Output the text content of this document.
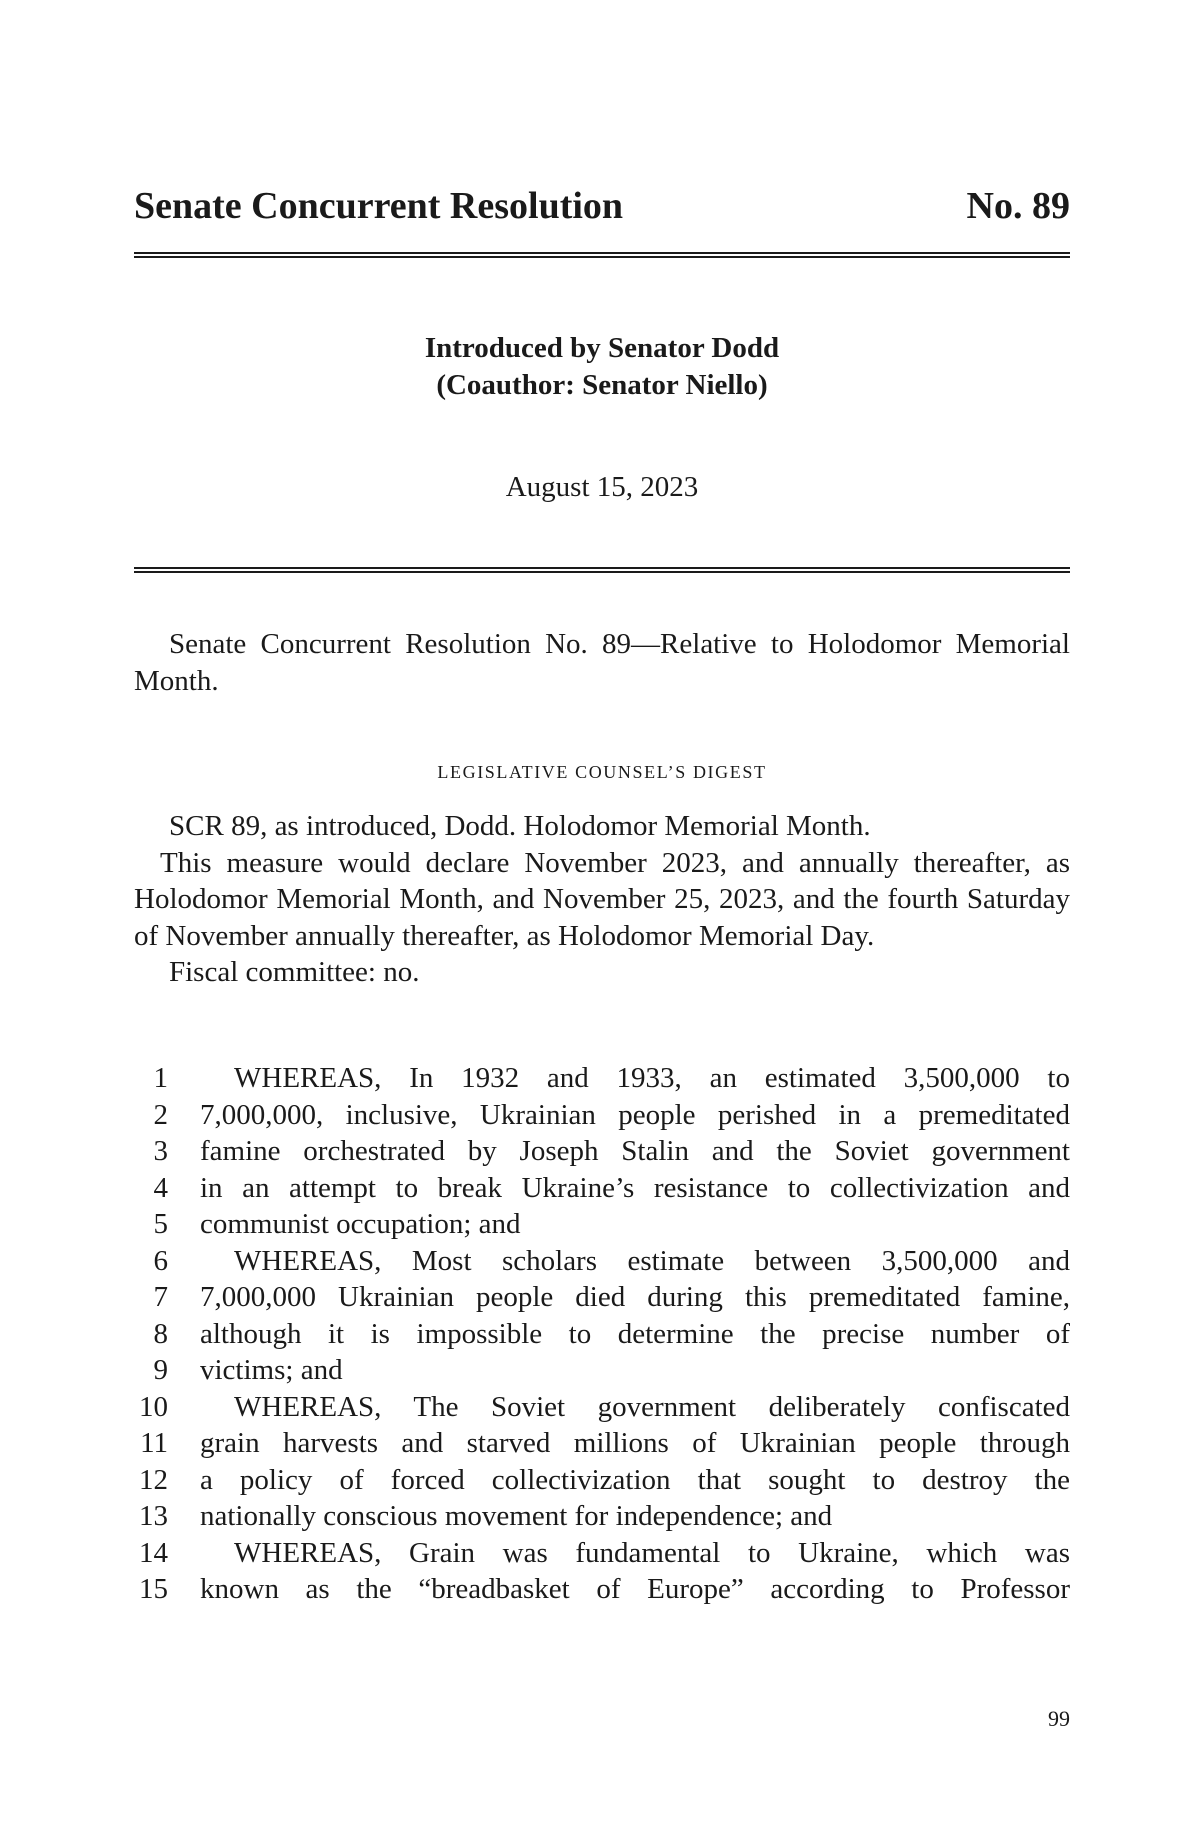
Senate Concurrent Resolution	No. 89
Introduced by Senator Dodd
(Coauthor: Senator Niello)
August 15, 2023
Senate Concurrent Resolution No. 89—Relative to Holodomor Memorial Month.
LEGISLATIVE COUNSEL’S DIGEST

SCR 89, as introduced, Dodd. Holodomor Memorial Month.

This measure would declare November 2023, and annually thereafter, as Holodomor Memorial Month, and November 25, 2023, and the fourth Saturday of November annually thereafter, as Holodomor Memorial Day.

Fiscal committee: no.

1	WHEREAS, In 1932 and 1933, an estimated 3,500,000 to
2 7,000,000, inclusive, Ukrainian people perished in a premeditated
3 famine orchestrated by Joseph Stalin and the Soviet government
4 in an attempt to break Ukraine’s resistance to collectivization and
5 communist occupation; and
6	WHEREAS, Most scholars estimate between 3,500,000 and
7 7,000,000 Ukrainian people died during this premeditated famine,
8 although it is impossible to determine the precise number of
9 victims; and
10	WHEREAS, The Soviet government deliberately confiscated
11 grain harvests and starved millions of Ukrainian people through
12 a policy of forced collectivization that sought to destroy the
13 nationally conscious movement for independence; and
14	WHEREAS, Grain was fundamental to Ukraine, which was
15 known as the “breadbasket of Europe” according to Professor
99
